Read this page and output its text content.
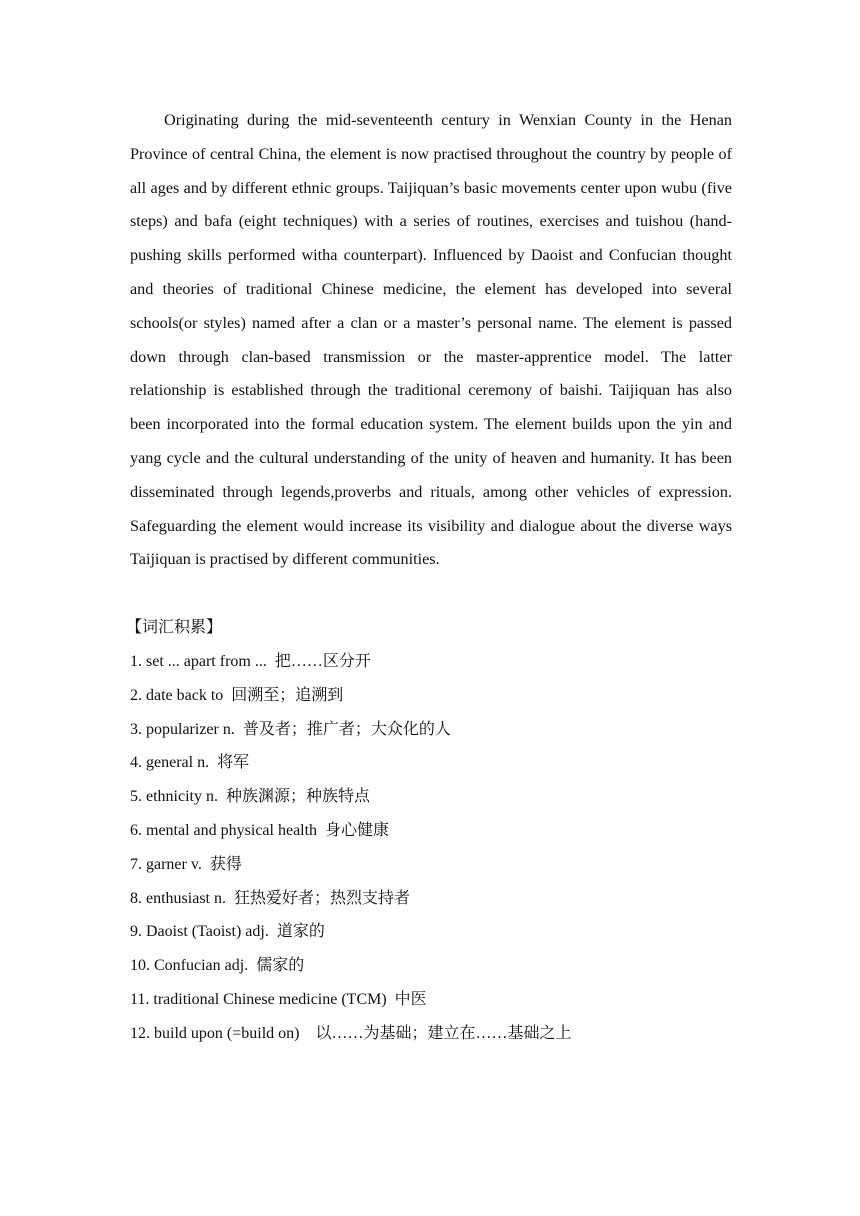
Originating during the mid-seventeenth century in Wenxian County in the Henan Province of central China, the element is now practised throughout the country by people of all ages and by different ethnic groups. Taijiquan’s basic movements center upon wubu (five steps) and bafa (eight techniques) with a series of routines, exercises and tuishou (hand-pushing skills performed witha counterpart). Influenced by Daoist and Confucian thought and theories of traditional Chinese medicine, the element has developed into several schools(or styles) named after a clan or a master’s personal name. The element is passed down through clan-based transmission or the master-apprentice model. The latter relationship is established through the traditional ceremony of baishi. Taijiquan has also been incorporated into the formal education system. The element builds upon the yin and yang cycle and the cultural understanding of the unity of heaven and humanity. It has been disseminated through legends,proverbs and rituals, among other vehicles of expression. Safeguarding the element would increase its visibility and dialogue about the diverse ways Taijiquan is practised by different communities.

【词汇积累】
1. set ... apart from ...  把……区分开
2. date back to  回溯至；追溯到
3. popularizer n.  普及者；推广者；大众化的人
4. general n.  将军
5. ethnicity n.  种族渊源；种族特点
6. mental and physical health  身心健康
7. garner v.  获得
8. enthusiast n.  狂热爱好者；热烈支持者
9. Daoist (Taoist) adj.  道家的
10. Confucian adj.  儒家的
11. traditional Chinese medicine (TCM)  中医
12. build upon (=build on)    以……为基础；建立在……基础之上
